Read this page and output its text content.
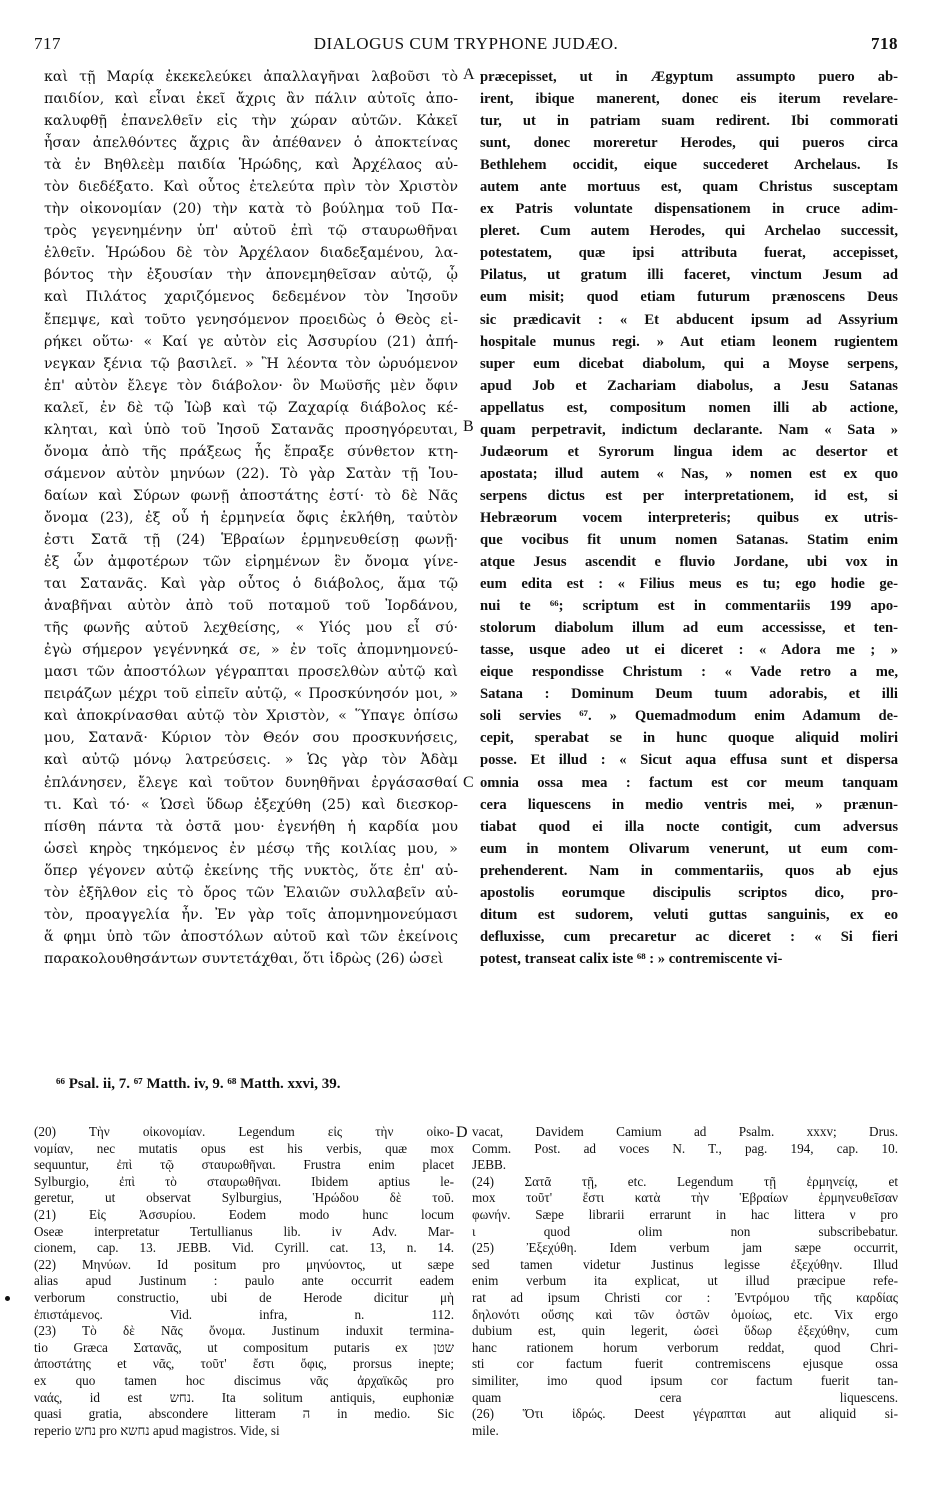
717	DIALOGUS CUM TRYPHONE JUDÆO.	718
καὶ τῇ Μαρίᾳ ἐκεκελεύκει ἀπαλλαγῆναι λαβοῦσι τὸ
παιδίον, καὶ εἶναι ἐκεῖ ἄχρις ἂν πάλιν αὐτοῖς ἀπο-
καλυφθῇ ἐπανελθεῖν εἰς τὴν χώραν αὐτῶν. Κἀκεῖ
ἦσαν ἀπελθόντες ἄχρις ἂν ἀπέθανεν ὁ ἀποκτείνας
τὰ ἐν Βηθλεὲμ παιδία Ἡρώδης, καὶ Ἀρχέλαος αὐ-
τὸν διεδέξατο. Καὶ οὗτος ἐτελεύτα πρὶν τὸν Χριστὸν
τὴν οἰκονομίαν (20) τὴν κατὰ τὸ βούλημα τοῦ Πα-
τρὸς γεγενημένην ὑπ' αὐτοῦ ἐπὶ τῷ σταυρωθῆναι
ἐλθεῖν. Ἡρώδου δὲ τὸν Ἀρχέλαον διαδεξαμένου, λα-
βόντος τὴν ἐξουσίαν τὴν ἀπονεμηθεῖσαν αὐτῷ, ᾧ
καὶ Πιλάτος χαριζόμενος δεδεμένον τὸν Ἰησοῦν
ἔπεμψε, καὶ τοῦτο γενησόμενον προειδὼς ὁ Θεὸς εἰ-
ρήκει οὕτω· « Καί γε αὐτὸν εἰς Ἀσσυρίου (21) ἀπή-
νεγκαν ξένια τῷ βασιλεῖ. » Ἢ λέοντα τὸν ὠρυόμενον
ἐπ' αὐτὸν ἔλεγε τὸν διάβολον· ὃν Μωϋσῆς μὲν ὄφιν
καλεῖ, ἐν δὲ τῷ Ἰὼβ καὶ τῷ Ζαχαρίᾳ διάβολος κέ-
κληται, καὶ ὑπὸ τοῦ Ἰησοῦ Σατανᾶς προσηγόρευται,
ὄνομα ἀπὸ τῆς πράξεως ἧς ἔπραξε σύνθετον κτη-
σάμενον αὐτὸν μηνύων (22). Τὸ γὰρ Σατὰν τῇ Ἰου-
δαίων καὶ Σύρων φωνῇ ἀποστάτης ἐστί· τὸ δὲ Νᾶς
ὄνομα (23), ἐξ οὗ ἡ ἑρμηνεία ὄφις ἐκλήθη, ταὐτὸν
ἐστι Σατᾶ τῇ (24) Ἑβραίων ἑρμηνευθείσῃ φωνῇ·
ἐξ ὧν ἀμφοτέρων τῶν εἰρημένων ἓν ὄνομα γίνε-
ται Σατανᾶς. Καὶ γὰρ οὗτος ὁ διάβολος, ἅμα τῷ
ἀναβῆναι αὐτὸν ἀπὸ τοῦ ποταμοῦ τοῦ Ἰορδάνου,
τῆς φωνῆς αὐτοῦ λεχθείσης, « Υἱός μου εἶ σύ·
ἐγὼ σήμερον γεγέννηκά σε, » ἐν τοῖς ἀπομνημονεύ-
μασι τῶν ἀποστόλων γέγραπται προσελθὼν αὐτῷ καὶ
πειράζων μέχρι τοῦ εἰπεῖν αὐτῷ, « Προσκύνησόν μοι, »
καὶ ἀποκρίνασθαι αὐτῷ τὸν Χριστὸν, « Ὕπαγε ὀπίσω
μου, Σατανᾶ· Κύριον τὸν Θεόν σου προσκυνήσεις,
καὶ αὐτῷ μόνῳ λατρεύσεις. » Ὡς γὰρ τὸν Ἀδὰμ
ἐπλάνησεν, ἔλεγε καὶ τοῦτον δυνηθῆναι ἐργάσασθαί
τι. Καὶ τό· « Ὡσεὶ ὕδωρ ἐξεχύθη (25) καὶ διεσκορ-
πίσθη πάντα τὰ ὀστᾶ μου· ἐγενήθη ἡ καρδία μου
ὡσεὶ κηρὸς τηκόμενος ἐν μέσῳ τῆς κοιλίας μου, »
ὅπερ γέγονεν αὐτῷ ἐκείνης τῆς νυκτὸς, ὅτε ἐπ' αὐ-
τὸν ἐξῆλθον εἰς τὸ ὄρος τῶν Ἐλαιῶν συλλαβεῖν αὐ-
τὸν, προαγγελία ἦν. Ἐν γὰρ τοῖς ἀπομνημονεύμασι
ἅ φημι ὑπὸ τῶν ἀποστόλων αὐτοῦ καὶ τῶν ἐκείνοις
παρακολουθησάντων συντετάχθαι, ὅτι ἱδρὼς (26) ὡσεὶ
præcepisset, ut in Ægyptum assumpto puero ab-
irent, ibique manerent, donec eis iterum revelare-
tur, ut in patriam suam redirent. Ibi commorati
sunt, donec moreretur Herodes, qui pueros circa
Bethlehem occidit, eique succederet Archelaus. Is
autem ante mortuus est, quam Christus susceptam
ex Patris voluntate dispensationem in cruce adim-
pleret. Cum autem Herodes, qui Archelao successit,
potestatem, quæ ipsi attributa fuerat, accepisset,
Pilatus, ut gratum illi faceret, vinctum Jesum ad
eum misit; quod etiam futurum prænoscens Deus
sic prædicavit : « Et abducent ipsum ad Assyrium
hospitale munus regi. » Aut etiam leonem rugientem
super eum dicebat diabolum, qui a Moyse serpens,
apud Job et Zachariam diabolus, a Jesu Satanas
appellatus est, compositum nomen illi ab actione,
quam perpetravit, indictum declarante. Nam « Sata »
Judæorum et Syrorum lingua idem ac desertor et
apostata; illud autem « Nas, » nomen est ex quo
serpens dictus est per interpretationem, id est, si
Hebræorum vocem interpreteris; quibus ex utris-
que vocibus fit unum nomen Satanas. Statim enim
atque Jesus ascendit e fluvio Jordane, ubi vox in
eum edita est : « Filius meus es tu; ego hodie ge-
nui te ⁶⁶; scriptum est in commentariis 199 apo-
stolorum diabolum illum ad eum accessisse, et ten-
tasse, usque adeo ut ei diceret : « Adora me ; »
eique respondisse Christum : « Vade retro a me,
Satana : Dominum Deum tuum adorabis, et illi
soli servies ⁶⁷. » Quemadmodum enim Adamum de-
cepit, sperabat se in hunc quoque aliquid moliri
posse. Et illud : « Sicut aqua effusa sunt et dispersa
omnia ossa mea : factum est cor meum tanquam
cera liquescens in medio ventris mei, » prænun-
tiabat quod ei illa nocte contigit, cum adversus
eum in montem Olivarum venerunt, ut eum com-
prehenderent. Nam in commentariis, quos ab ejus
apostolis eorumque discipulis scriptos dico, pro-
ditum est sudorem, veluti guttas sanguinis, ex eo
defluxisse, cum precaretur ac diceret : « Si fieri
potest, transeat calix iste ⁶⁸ : » contremiscente vi-
A
B
C
D
⁶⁶ Psal. ii, 7. ⁶⁷ Matth. iv, 9. ⁶⁸ Matth. xxvi, 39.
(20) Τὴν οἰκονομίαν. Legendum εἰς τὴν οἰκο-
νομίαν, nec mutatis opus est his verbis, quæ mox
sequuntur, ἐπὶ τῷ σταυρωθῆναι. Frustra enim placet
Sylburgio, ἐπὶ τὸ σταυρωθῆναι. Ibidem aptius le-
geretur, ut observat Sylburgius, Ἡρώδου δὲ τοῦ.
(21) Εἰς Ἀσσυρίου. Eodem modo hunc locum
Oseæ interpretatur Tertullianus lib. iv Adv. Mar-
cionem, cap. 13. JEBB. Vid. Cyrill. cat. 13, n. 14.
(22) Μηνύων. Id positum pro μηνύοντος, ut sæpe
alias apud Justinum : paulo ante occurrit eadem
verborum constructio, ubi de Herode dicitur μὴ
ἐπιστάμενος. Vid. infra, n. 112.
(23) Τὸ δὲ Νᾶς ὄνομα. Justinum induxit termina-
tio Græca Σατανᾶς, ut compositum putaris ex שטן
ἀποστάτης et νᾶς, τοῦτ' ἔστι ὄφις, prorsus inepte;
ex quo tamen hoc discimus νᾶς ἀρχαϊκῶς pro
ναάς, id est נחש. Ita solitum antiquis, euphoniæ
quasi gratia, abscondere litteram ה in medio. Sic
reperio נחש pro נחשא apud magistros. Vide, si
vacat, Davidem Camium ad Psalm. xxxv; Drus.
Comm. Post. ad voces N. T., pag. 194, cap. 10.
JEBB.
(24) Σατᾶ τῇ, etc. Legendum τῇ ἑρμηνείᾳ, et
mox τοῦτ' ἔστι κατὰ τὴν Ἑβραίων ἑρμηνευθεῖσαν
φωνήν. Sæpe librarii errarunt in hac littera ν pro
ι quod olim non subscribebatur.
(25) Ἐξεχύθη. Idem verbum jam sæpe occurrit,
sed tamen videtur Justinus legisse ἐξεχύθην. Illud
enim verbum ita explicat, ut illud præcipue refe-
rat ad ipsum Christi cor : Ἐντρόμου τῆς καρδίας
δηλονότι οὔσης καὶ τῶν ὀστῶν ὁμοίως, etc. Vix ergo
dubium est, quin legerit, ὡσεὶ ὕδωρ ἐξεχύθην, cum
hanc rationem horum verborum reddat, quod Chri-
sti cor factum fuerit contremiscens ejusque ossa
similiter, imo quod ipsum cor factum fuerit tan-
quam cera liquescens.
(26) Ὅτι ἱδρώς. Deest γέγραπται aut aliquid si-
mile.
